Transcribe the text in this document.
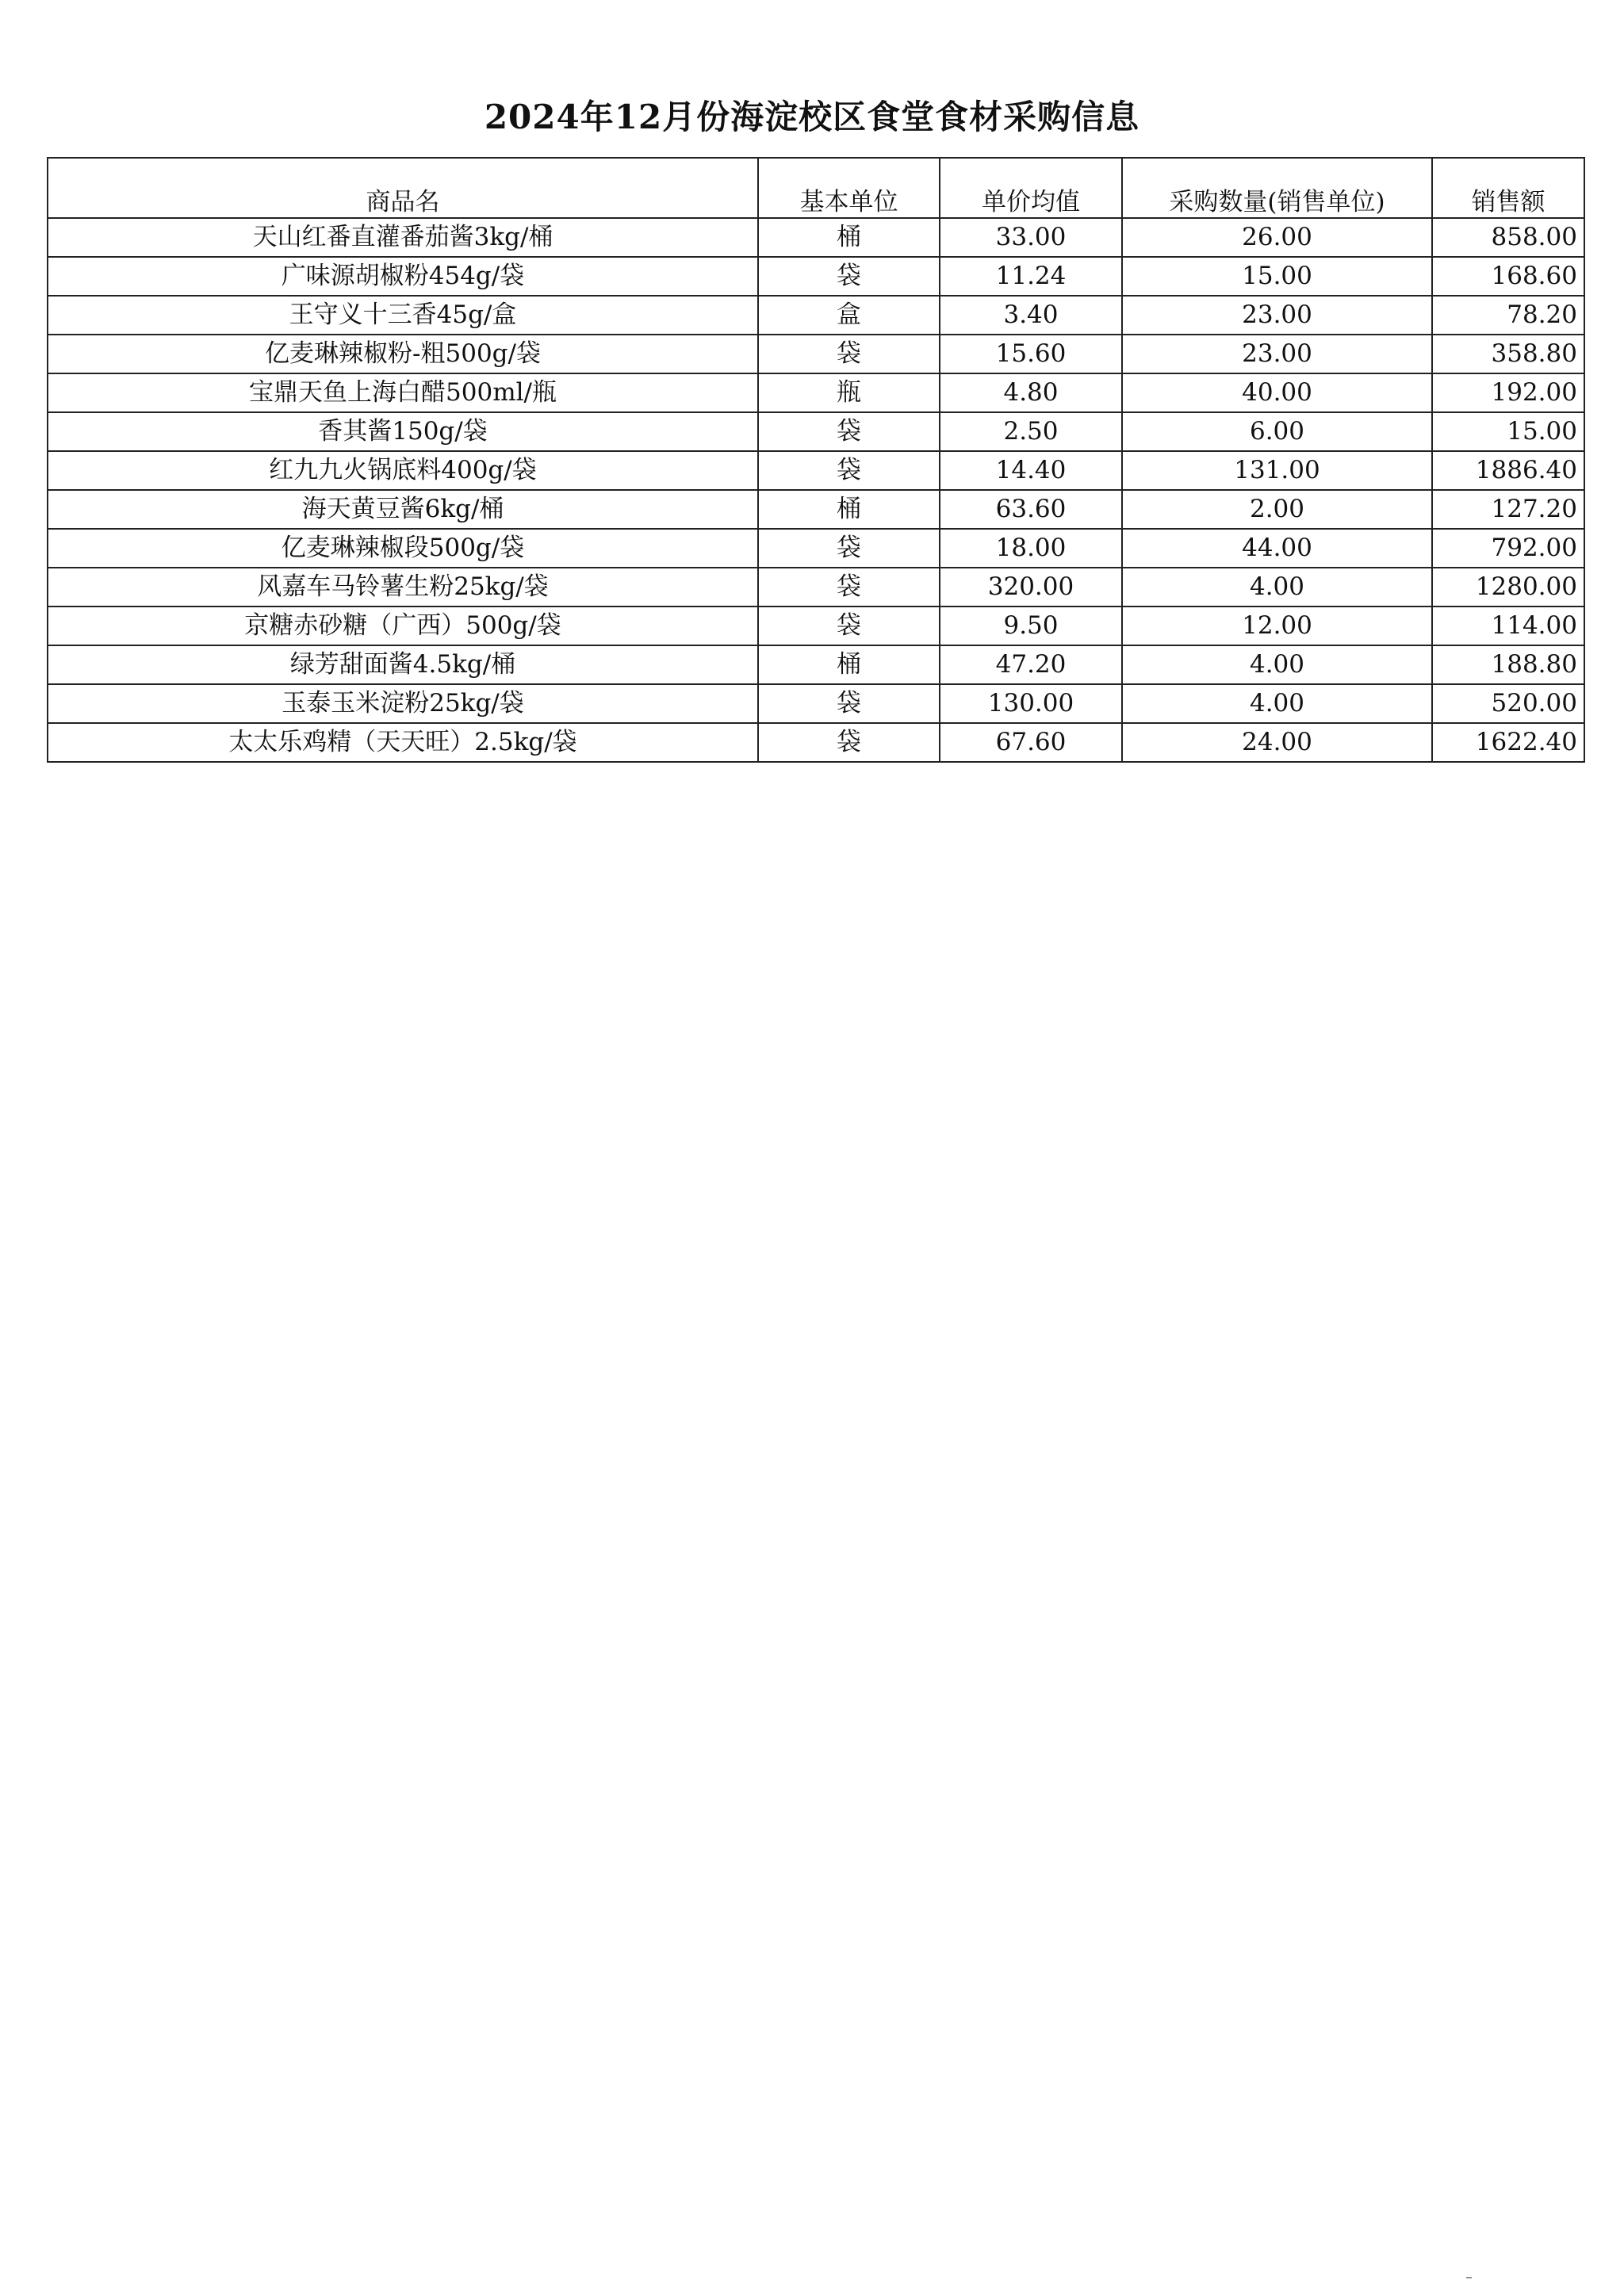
2024年12月份海淀校区食堂食材采购信息
商品名	基本单位	单价均值	采购数量(销售单位)	销售额
天山红番直灌番茄酱3kg/桶	桶	33.00	26.00	858.00
广味源胡椒粉454g/袋	袋	11.24	15.00	168.60
王守义十三香45g/盒	盒	3.40	23.00	78.20
亿麦琳辣椒粉-粗500g/袋	袋	15.60	23.00	358.80
宝鼎天鱼上海白醋500ml/瓶	瓶	4.80	40.00	192.00
香其酱150g/袋	袋	2.50	6.00	15.00
红九九火锅底料400g/袋	袋	14.40	131.00	1886.40
海天黄豆酱6kg/桶	桶	63.60	2.00	127.20
亿麦琳辣椒段500g/袋	袋	18.00	44.00	792.00
风嘉车马铃薯生粉25kg/袋	袋	320.00	4.00	1280.00
京糖赤砂糖（广西）500g/袋	袋	9.50	12.00	114.00
绿芳甜面酱4.5kg/桶	桶	47.20	4.00	188.80
玉泰玉米淀粉25kg/袋	袋	130.00	4.00	520.00
太太乐鸡精（天天旺）2.5kg/袋	袋	67.60	24.00	1622.40
–
